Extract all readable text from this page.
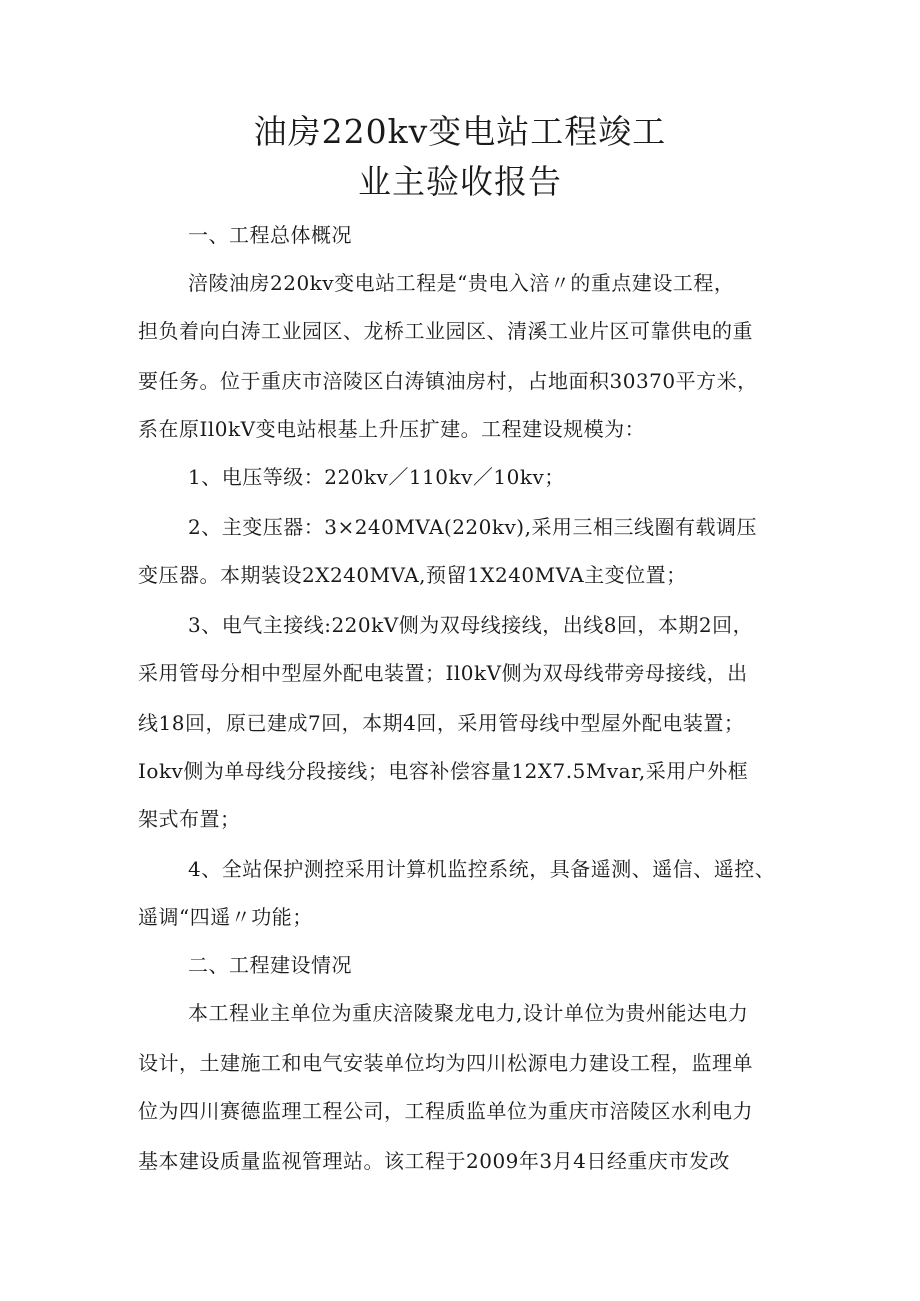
油房220kv变电站工程竣工
业主验收报告
一、工程总体概况
涪陵油房220kv变电站工程是“贵电入涪〃的重点建设工程，
担负着向白涛工业园区、龙桥工业园区、清溪工业片区可靠供电的重
要任务。位于重庆市涪陵区白涛镇油房村，占地面积30370平方米，
系在原Il0kV变电站根基上升压扩建。工程建设规模为：
1、电压等级：220kv／110kv／10kv；
2、主变压器：3×240MVA(220kv),采用三相三线圈有载调压
变压器。本期装设2X240MVA,预留1X240MVA主变位置；
3、电气主接线:220kV侧为双母线接线，出线8回，本期2回，
采用管母分相中型屋外配电装置；Il0kV侧为双母线带旁母接线，出
线18回，原已建成7回，本期4回，采用管母线中型屋外配电装置；
Iokv侧为单母线分段接线；电容补偿容量12X7.5Mvar,采用户外框
架式布置；
4、全站保护测控采用计算机监控系统，具备遥测、遥信、遥控、
遥调“四遥〃功能；
二、工程建设情况
本工程业主单位为重庆涪陵聚龙电力,设计单位为贵州能达电力
设计，土建施工和电气安装单位均为四川松源电力建设工程，监理单
位为四川赛德监理工程公司，工程质监单位为重庆市涪陵区水利电力
基本建设质量监视管理站。该工程于2009年3月4日经重庆市发改
